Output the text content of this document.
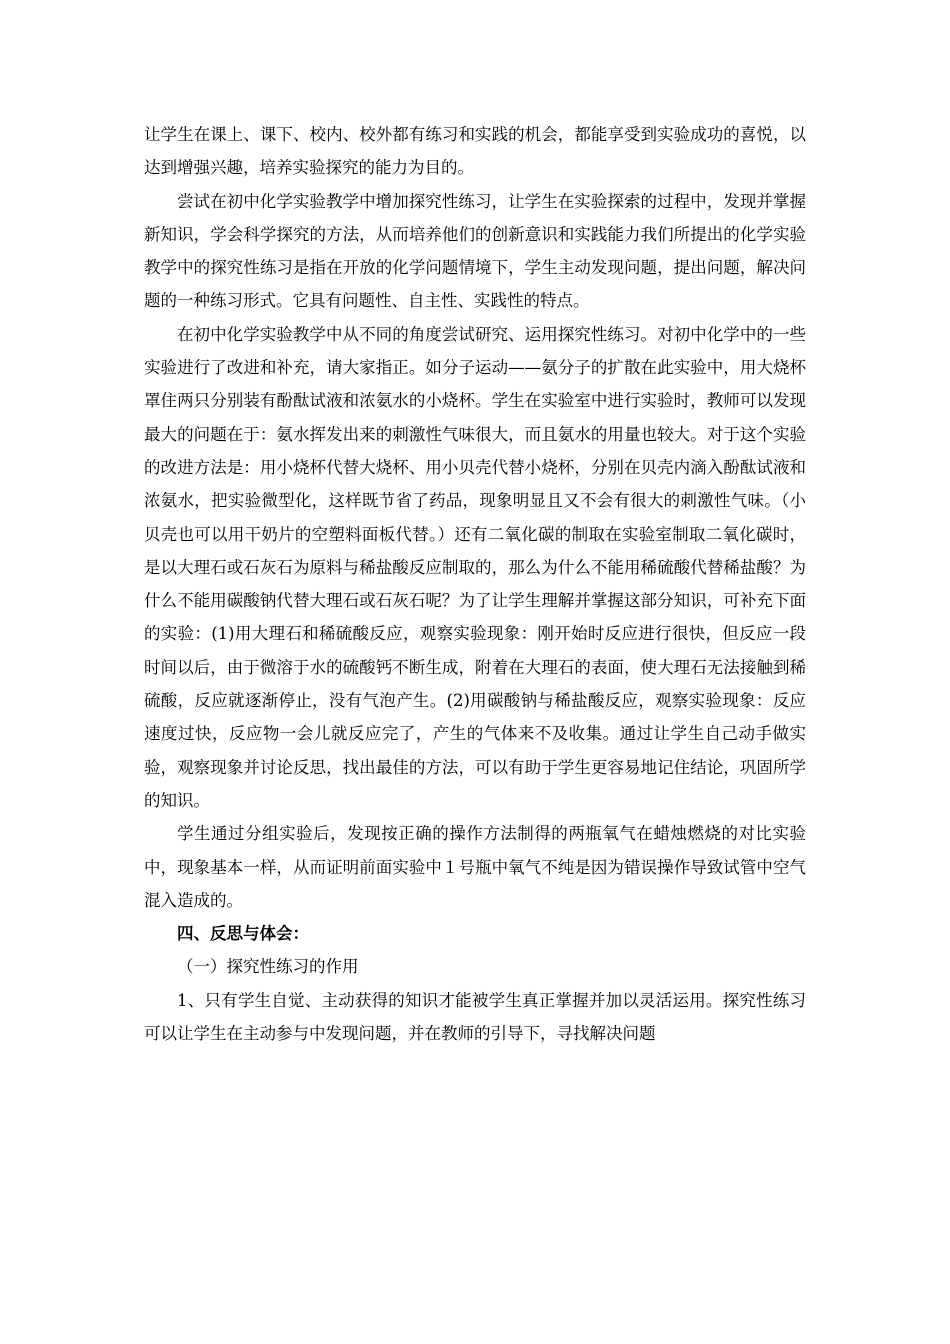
让学生在课上、课下、校内、校外都有练习和实践的机会，都能享受到实验成功的喜悦，以达到增强兴趣，培养实验探究的能力为目的。

尝试在初中化学实验教学中增加探究性练习，让学生在实验探索的过程中，发现并掌握新知识，学会科学探究的方法，从而培养他们的创新意识和实践能力我们所提出的化学实验教学中的探究性练习是指在开放的化学问题情境下，学生主动发现问题，提出问题，解决问题的一种练习形式。它具有问题性、自主性、实践性的特点。

在初中化学实验教学中从不同的角度尝试研究、运用探究性练习。对初中化学中的一些实验进行了改进和补充，请大家指正。如分子运动——氨分子的扩散在此实验中，用大烧杯罩住两只分别装有酚酞试液和浓氨水的小烧杯。学生在实验室中进行实验时，教师可以发现最大的问题在于：氨水挥发出来的刺激性气味很大，而且氨水的用量也较大。对于这个实验的改进方法是：用小烧杯代替大烧杯、用小贝壳代替小烧杯，分别在贝壳内滴入酚酞试液和浓氨水，把实验微型化，这样既节省了药品，现象明显且又不会有很大的刺激性气味。（小贝壳也可以用干奶片的空塑料面板代替。）还有二氧化碳的制取在实验室制取二氧化碳时，是以大理石或石灰石为原料与稀盐酸反应制取的，那么为什么不能用稀硫酸代替稀盐酸？为什么不能用碳酸钠代替大理石或石灰石呢？为了让学生理解并掌握这部分知识，可补充下面的实验：(1)用大理石和稀硫酸反应，观察实验现象：刚开始时反应进行很快，但反应一段时间以后，由于微溶于水的硫酸钙不断生成，附着在大理石的表面，使大理石无法接触到稀硫酸，反应就逐渐停止，没有气泡产生。(2)用碳酸钠与稀盐酸反应，观察实验现象：反应速度过快，反应物一会儿就反应完了，产生的气体来不及收集。通过让学生自己动手做实验，观察现象并讨论反思，找出最佳的方法，可以有助于学生更容易地记住结论，巩固所学的知识。

学生通过分组实验后，发现按正确的操作方法制得的两瓶氧气在蜡烛燃烧的对比实验中，现象基本一样，从而证明前面实验中１号瓶中氧气不纯是因为错误操作导致试管中空气混入造成的。

四、反思与体会：

（一）探究性练习的作用

1、只有学生自觉、主动获得的知识才能被学生真正掌握并加以灵活运用。探究性练习可以让学生在主动参与中发现问题，并在教师的引导下，寻找解决问题
